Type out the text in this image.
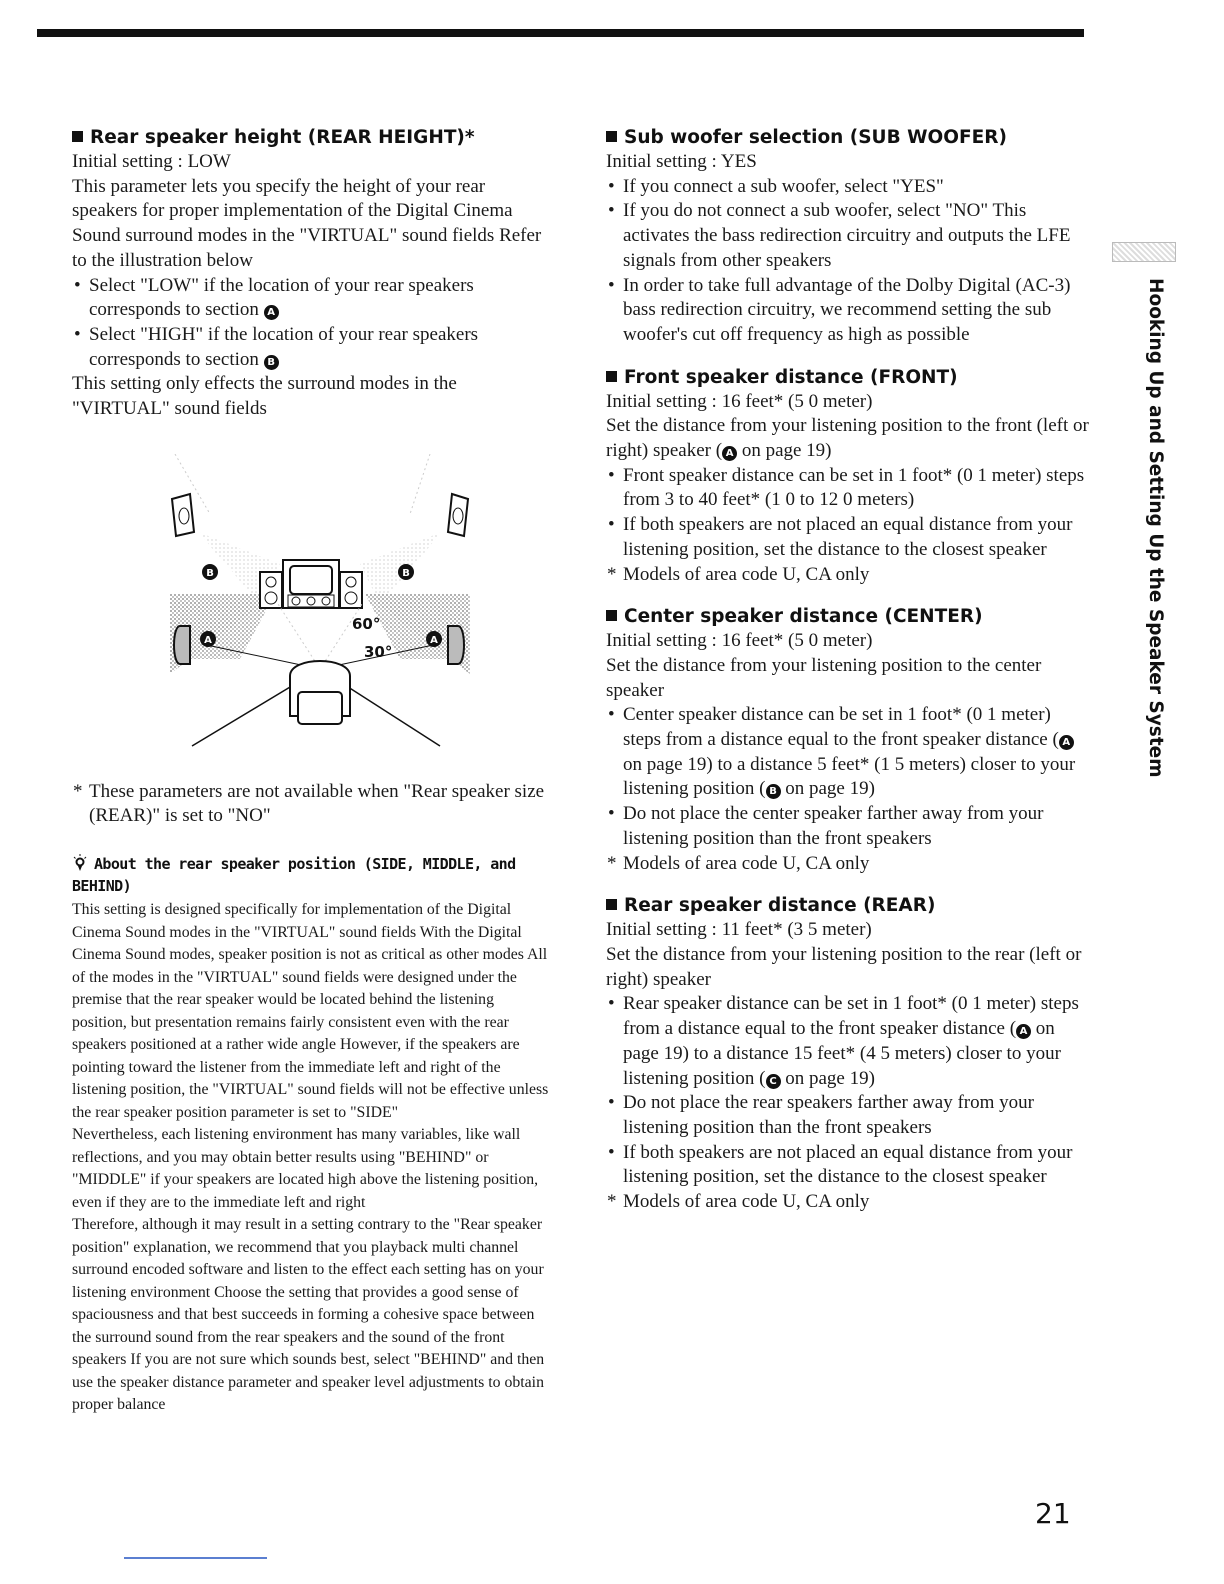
Rear speaker height (REAR HEIGHT)*

Initial setting : LOW

This parameter lets you specify the height of your rear speakers for proper implementation of the Digital Cinema Sound surround modes in the "VIRTUAL" sound fields Refer to the illustration below

• Select "LOW" if the location of your rear speakers corresponds to section A
• Select "HIGH" if the location of your rear speakers corresponds to section B

This setting only effects the surround modes in the "VIRTUAL" sound fields

B	B
A	A
60°
30°

* These parameters are not available when "Rear speaker size (REAR)" is set to "NO"

About the rear speaker position (SIDE, MIDDLE, and BEHIND)

This setting is designed specifically for implementation of the Digital Cinema Sound modes in the "VIRTUAL" sound fields With the Digital Cinema Sound modes, speaker position is not as critical as other modes All of the modes in the "VIRTUAL" sound fields were designed under the premise that the rear speaker would be located behind the listening position, but presentation remains fairly consistent even with the rear speakers positioned at a rather wide angle However, if the speakers are pointing toward the listener from the immediate left and right of the listening position, the "VIRTUAL" sound fields will not be effective unless the rear speaker position parameter is set to "SIDE"

Nevertheless, each listening environment has many variables, like wall reflections, and you may obtain better results using "BEHIND" or "MIDDLE" if your speakers are located high above the listening position, even if they are to the immediate left and right

Therefore, although it may result in a setting contrary to the "Rear speaker position" explanation, we recommend that you playback multi channel surround encoded software and listen to the effect each setting has on your listening environment Choose the setting that provides a good sense of spaciousness and that best succeeds in forming a cohesive space between the surround sound from the rear speakers and the sound of the front speakers If you are not sure which sounds best, select "BEHIND" and then use the speaker distance parameter and speaker level adjustments to obtain proper balance

Sub woofer selection (SUB WOOFER)

Initial setting : YES

• If you connect a sub woofer, select "YES"
• If you do not connect a sub woofer, select "NO" This activates the bass redirection circuitry and outputs the LFE signals from other speakers
• In order to take full advantage of the Dolby Digital (AC-3) bass redirection circuitry, we recommend setting the sub woofer's cut off frequency as high as possible
Front speaker distance (FRONT)

Initial setting : 16 feet* (5 0 meter)

Set the distance from your listening position to the front (left or right) speaker ( A on page 19)

• Front speaker distance can be set in 1 foot* (0 1 meter) steps from 3 to 40 feet* (1 0 to 12 0 meters)
• If both speakers are not placed an equal distance from your listening position, set the distance to the closest speaker

* Models of area code U, CA only

Center speaker distance (CENTER)

Initial setting : 16 feet* (5 0 meter)

Set the distance from your listening position to the center speaker

• Center speaker distance can be set in 1 foot* (0 1 meter) steps from a distance equal to the front speaker distance ( A on page 19) to a distance 5 feet* (1 5 meters) closer to your listening position ( B on page 19)
• Do not place the center speaker farther away from your listening position than the front speakers

* Models of area code U, CA only

Rear speaker distance (REAR)

Initial setting : 11 feet* (3 5 meter)

Set the distance from your listening position to the rear (left or right) speaker

• Rear speaker distance can be set in 1 foot* (0 1 meter) steps from a distance equal to the front speaker distance ( A on page 19) to a distance 15 feet* (4 5 meters) closer to your listening position ( C on page 19)
• Do not place the rear speakers farther away from your listening position than the front speakers
• If both speakers are not placed an equal distance from your listening position, set the distance to the closest speaker

* Models of area code U, CA only

Hooking Up and Setting Up the Speaker System
21
